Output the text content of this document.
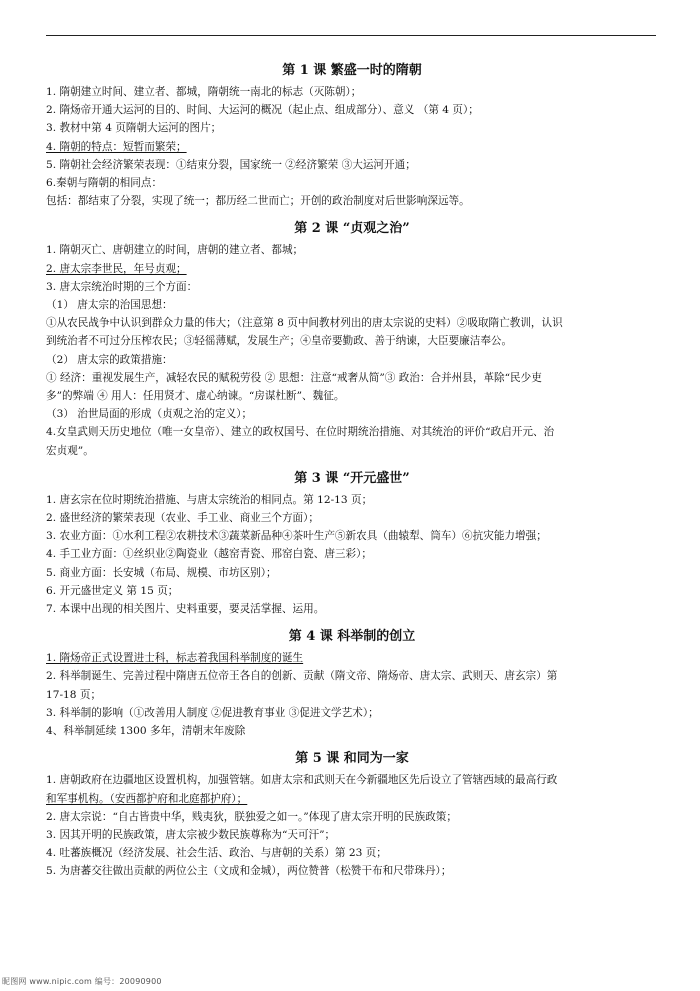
第 1 课 繁盛一时的隋朝
1. 隋朝建立时间、建立者、都城，隋朝统一南北的标志（灭陈朝）；
2. 隋炀帝开通大运河的目的、时间、大运河的概况（起止点、组成部分）、意义 （第 4 页）；
3. 教材中第 4 页隋朝大运河的图片；
4. 隋朝的特点：短暂而繁荣；
5. 隋朝社会经济繁荣表现：①结束分裂，国家统一 ②经济繁荣 ③大运河开通；
6.秦朝与隋朝的相同点：
包括：都结束了分裂，实现了统一；都历经二世而亡；开创的政治制度对后世影响深远等。
第 2 课 “贞观之治”
1. 隋朝灭亡、唐朝建立的时间，唐朝的建立者、都城；
2. 唐太宗李世民，年号贞观；
3. 唐太宗统治时期的三个方面：
（1） 唐太宗的治国思想：
①从农民战争中认识到群众力量的伟大；（注意第 8 页中间教材列出的唐太宗说的史料）②吸取隋亡教训，认识
到统治者不可过分压榨农民；③轻徭薄赋，发展生产；④皇帝要勤政、善于纳谏，大臣要廉洁奉公。
（2） 唐太宗的政策措施：
① 经济：重视发展生产，减轻农民的赋税劳役 ② 思想：注意“戒奢从简”③ 政治：合并州县，革除“民少吏
多”的弊端 ④ 用人：任用贤才、虚心纳谏。“房谋杜断”、魏征。
（3） 治世局面的形成（贞观之治的定义）；
4.女皇武则天历史地位（唯一女皇帝）、建立的政权国号、在位时期统治措施、对其统治的评价“政启开元、治
宏贞观”。
第 3 课 “开元盛世”
1. 唐玄宗在位时期统治措施、与唐太宗统治的相同点。第 12-13 页；
2. 盛世经济的繁荣表现（农业、手工业、商业三个方面）；
3. 农业方面：①水利工程②农耕技术③蔬菜新品种④茶叶生产⑤新农具（曲辕犁、筒车）⑥抗灾能力增强；
4. 手工业方面：①丝织业②陶瓷业（越窑青瓷、邢窑白瓷、唐三彩）；
5. 商业方面：长安城（布局、规模、市坊区别）；
6. 开元盛世定义 第 15 页；
7. 本课中出现的相关图片、史料重要，要灵活掌握、运用。
第 4 课 科举制的创立
1. 隋炀帝正式设置进士科，标志着我国科举制度的诞生
2. 科举制诞生、完善过程中隋唐五位帝王各自的创新、贡献（隋文帝、隋炀帝、唐太宗、武则天、唐玄宗）第
17-18 页；
3. 科举制的影响（①改善用人制度 ②促进教育事业 ③促进文学艺术）；
4、科举制延续 1300 多年，清朝末年废除
第 5 课 和同为一家
1. 唐朝政府在边疆地区设置机构，加强管辖。如唐太宗和武则天在今新疆地区先后设立了管辖西域的最高行政
和军事机构。（安西都护府和北庭都护府）；
2. 唐太宗说：“自古皆贵中华，贱夷狄，朕独爱之如一。”体现了唐太宗开明的民族政策；
3. 因其开明的民族政策，唐太宗被少数民族尊称为“天可汗”；
4. 吐蕃族概况（经济发展、社会生活、政治、与唐朝的关系）第 23 页；
5. 为唐蕃交往做出贡献的两位公主（文成和金城），两位赞普（松赞干布和尺带珠丹）；
昵图网 www.nipic.com 编号：20090900
